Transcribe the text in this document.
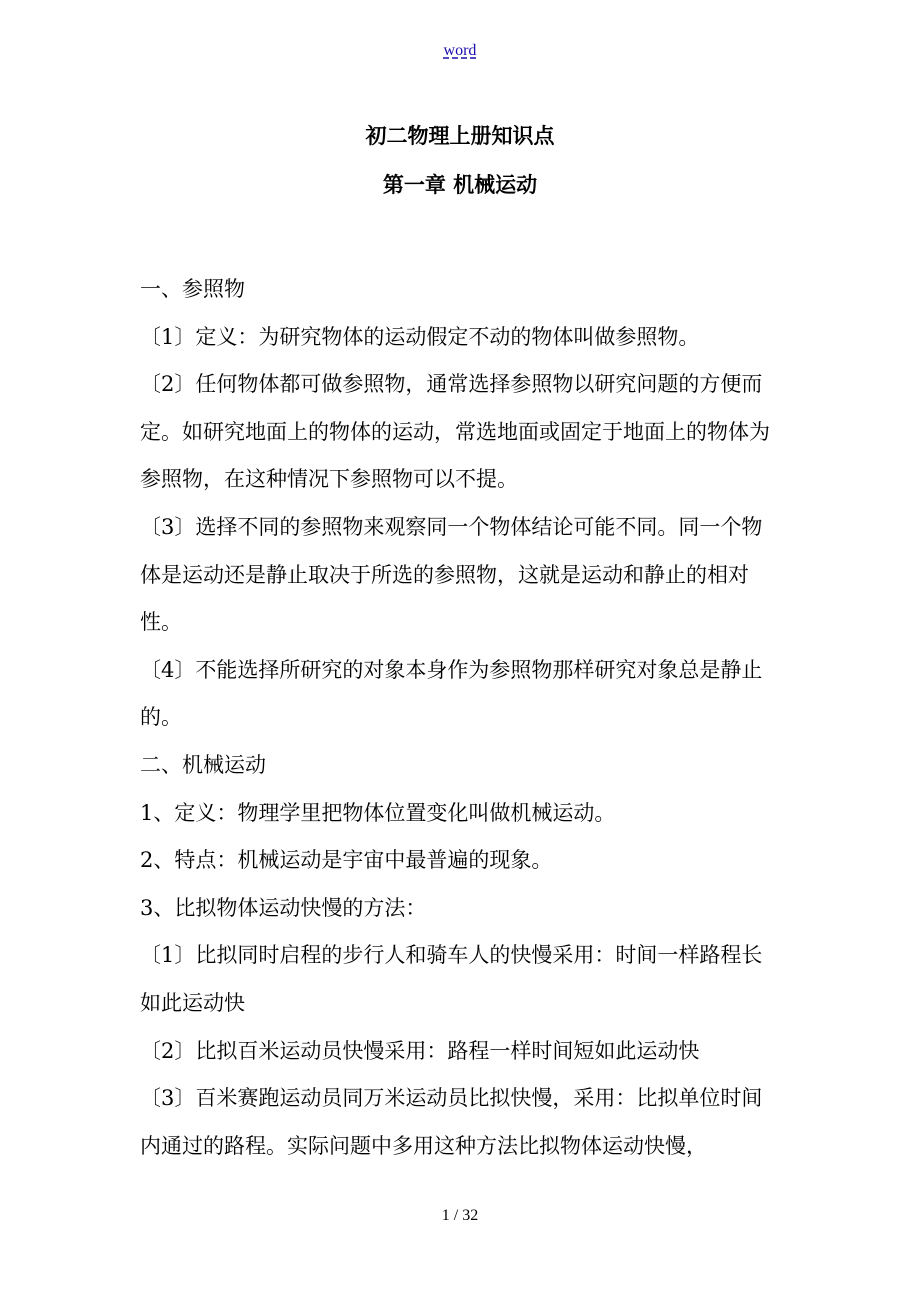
word
初二物理上册知识点
第一章 机械运动

一、参照物

〔1〕定义：为研究物体的运动假定不动的物体叫做参照物。

〔2〕任何物体都可做参照物，通常选择参照物以研究问题的方便而定。如研究地面上的物体的运动，常选地面或固定于地面上的物体为参照物，在这种情况下参照物可以不提。

〔3〕选择不同的参照物来观察同一个物体结论可能不同。同一个物体是运动还是静止取决于所选的参照物，这就是运动和静止的相对性。

〔4〕不能选择所研究的对象本身作为参照物那样研究对象总是静止的。

二、机械运动

1、定义：物理学里把物体位置变化叫做机械运动。

2、特点：机械运动是宇宙中最普遍的现象。

3、比拟物体运动快慢的方法：

〔1〕比拟同时启程的步行人和骑车人的快慢采用：时间一样路程长如此运动快

〔2〕比拟百米运动员快慢采用：路程一样时间短如此运动快

〔3〕百米赛跑运动员同万米运动员比拟快慢，采用：比拟单位时间内通过的路程。实际问题中多用这种方法比拟物体运动快慢，

1 / 32
